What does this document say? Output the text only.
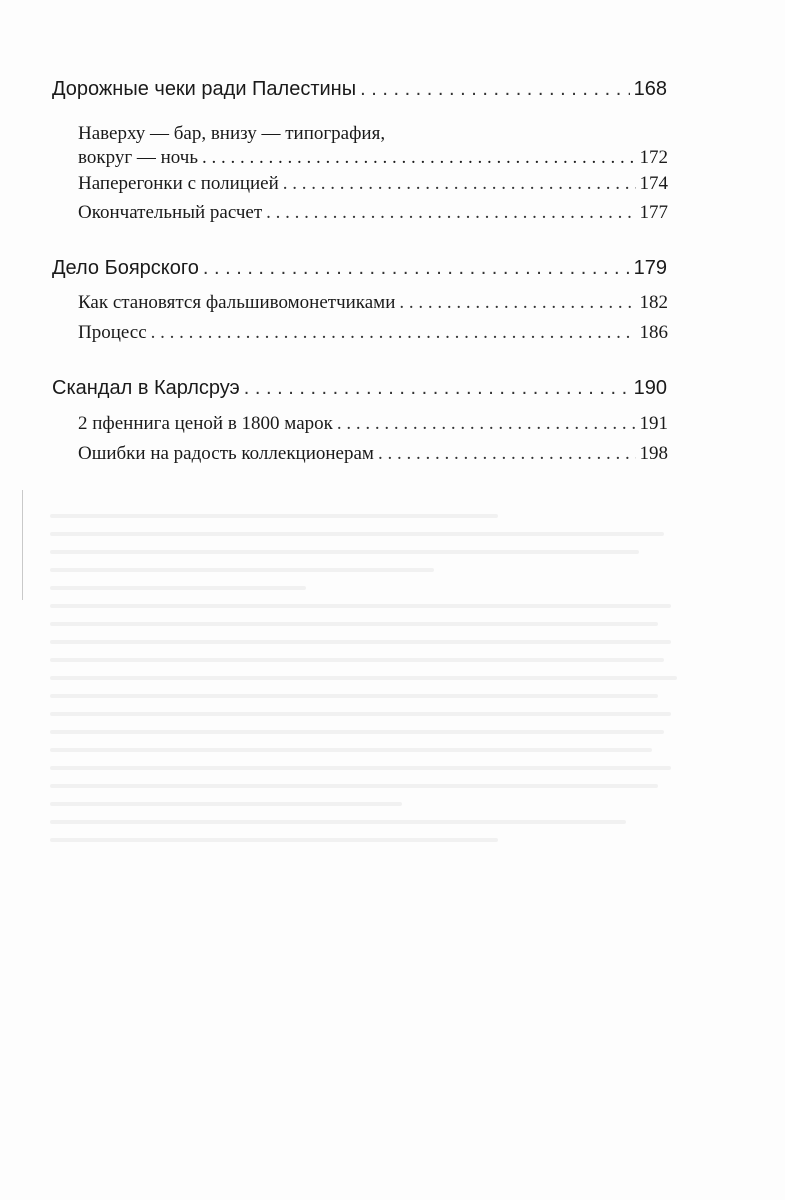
Дорожные чеки ради Палестины . . .	168
Наверху — бар, внизу — типография,
вокруг — ночь . . .	172
Наперегонки с полицией . . .	174
Окончательный расчет . . .	177
Дело Боярского . . .	179
Как становятся фальшивомонетчиками . . .	182
Процесс . . .	186
Скандал в Карлсруэ . . .	190
2 пфеннига ценой в 1800 марок . . .	191
Ошибки на радость коллекционерам . . .	198
